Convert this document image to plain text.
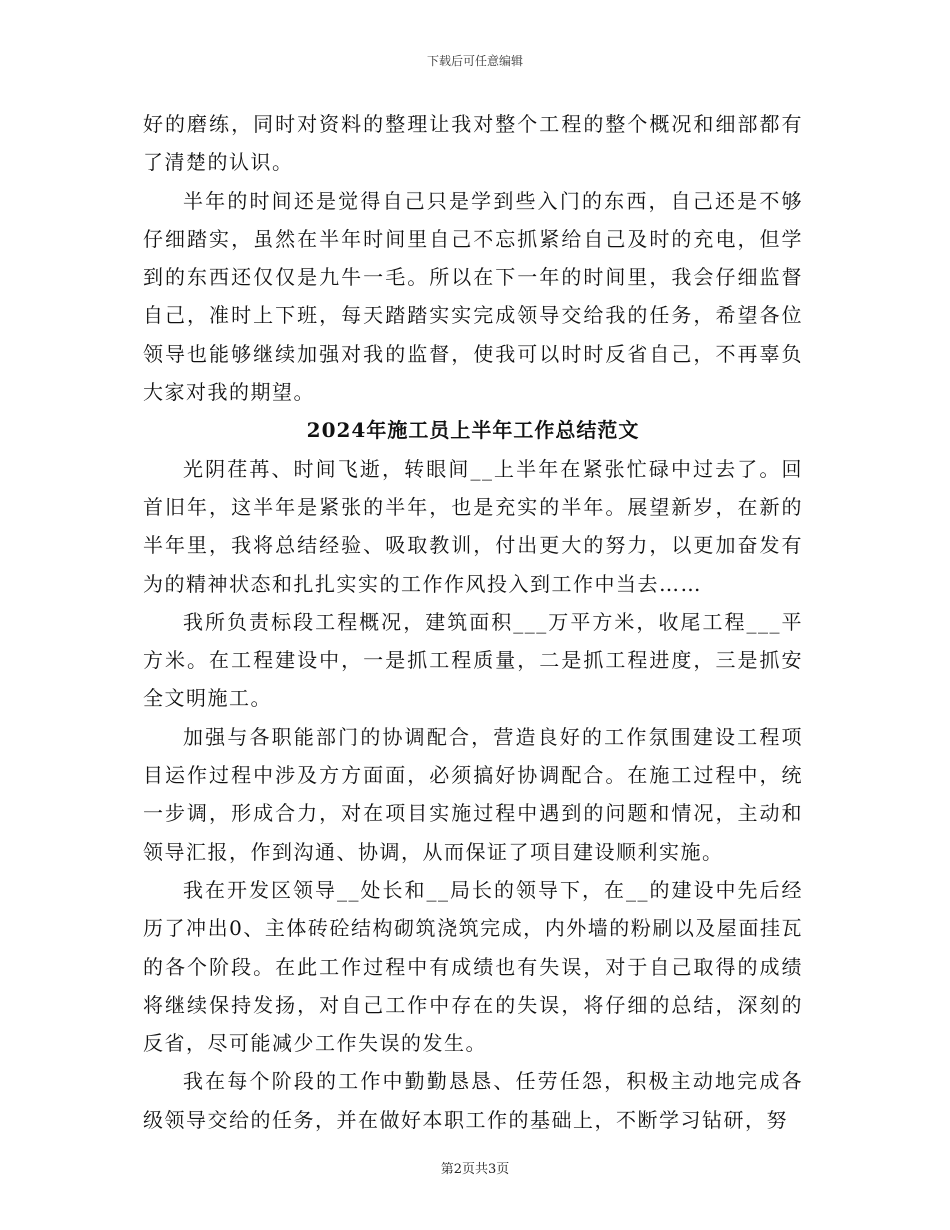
下载后可任意编辑

好的磨练，同时对资料的整理让我对整个工程的整个概况和细部都有了清楚的认识。

半年的时间还是觉得自己只是学到些入门的东西，自己还是不够仔细踏实，虽然在半年时间里自己不忘抓紧给自己及时的充电，但学到的东西还仅仅是九牛一毛。所以在下一年的时间里，我会仔细监督自己，准时上下班，每天踏踏实实完成领导交给我的任务，希望各位领导也能够继续加强对我的监督，使我可以时时反省自己，不再辜负大家对我的期望。

2024年施工员上半年工作总结范文

光阴荏苒、时间飞逝，转眼间__上半年在紧张忙碌中过去了。回首旧年，这半年是紧张的半年，也是充实的半年。展望新岁，在新的半年里，我将总结经验、吸取教训，付出更大的努力，以更加奋发有为的精神状态和扎扎实实的工作作风投入到工作中当去……

我所负责标段工程概况，建筑面积___万平方米，收尾工程___平方米。在工程建设中，一是抓工程质量，二是抓工程进度，三是抓安全文明施工。

加强与各职能部门的协调配合，营造良好的工作氛围建设工程项目运作过程中涉及方方面面，必须搞好协调配合。在施工过程中，统一步调，形成合力，对在项目实施过程中遇到的问题和情况，主动和领导汇报，作到沟通、协调，从而保证了项目建设顺利实施。

我在开发区领导__处长和__局长的领导下，在__的建设中先后经历了冲出0、主体砖砼结构砌筑浇筑完成，内外墙的粉刷以及屋面挂瓦的各个阶段。在此工作过程中有成绩也有失误，对于自己取得的成绩将继续保持发扬，对自己工作中存在的失误，将仔细的总结，深刻的反省，尽可能减少工作失误的发生。

我在每个阶段的工作中勤勤恳恳、任劳任怨，积极主动地完成各级领导交给的任务，并在做好本职工作的基础上，不断学习钻研，努

第2页共3页
